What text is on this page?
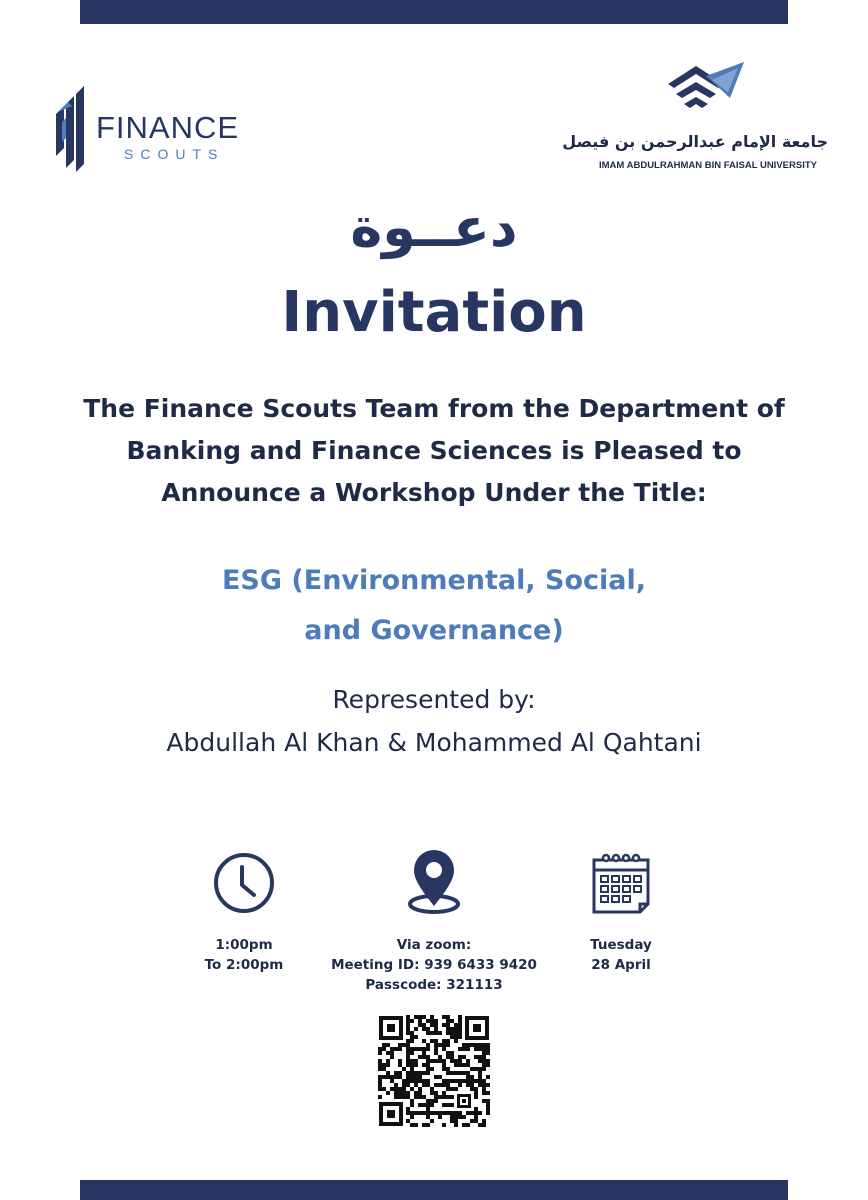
FINANCE
SCOUTS
جامعة الإمام عبدالرحمن بن فيصل
IMAM ABDULRAHMAN BIN FAISAL UNIVERSITY
دعــوة
Invitation
The Finance Scouts Team from the Department of
Banking and Finance Sciences is Pleased to
Announce a Workshop Under the Title:
ESG (Environmental, Social,
and Governance)
Represented by:
Abdullah Al Khan & Mohammed Al Qahtani
1:00pm
To 2:00pm
Via zoom:
Meeting ID: 939 6433 9420
Passcode: 321113
Tuesday
28 April
